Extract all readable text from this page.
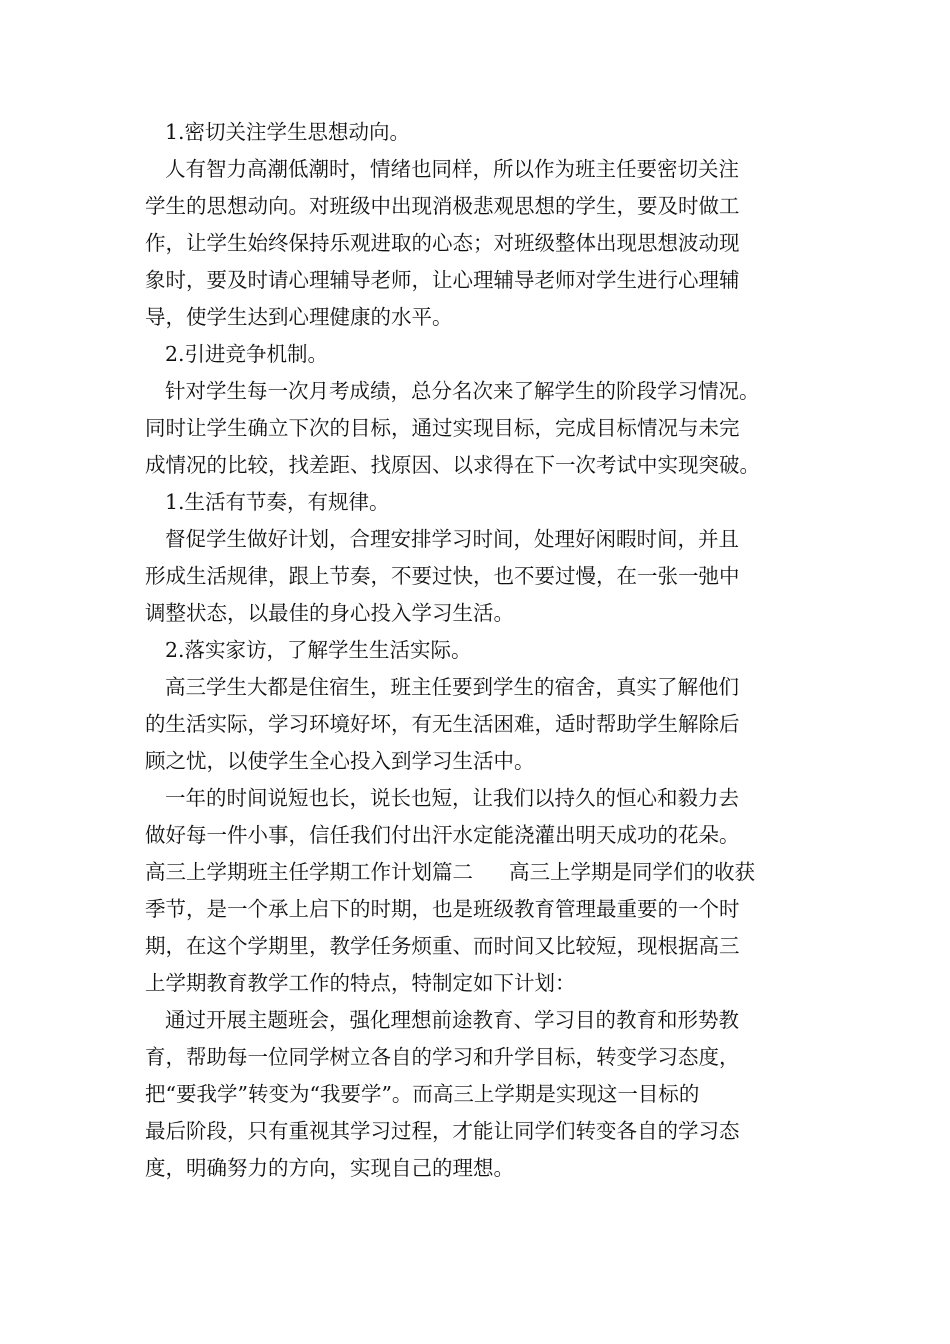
1.密切关注学生思想动向。
人有智力高潮低潮时，情绪也同样，所以作为班主任要密切关注
学生的思想动向。对班级中出现消极悲观思想的学生，要及时做工
作，让学生始终保持乐观进取的心态；对班级整体出现思想波动现
象时，要及时请心理辅导老师，让心理辅导老师对学生进行心理辅
导，使学生达到心理健康的水平。
2.引进竞争机制。
针对学生每一次月考成绩，总分名次来了解学生的阶段学习情况。
同时让学生确立下次的目标，通过实现目标，完成目标情况与未完
成情况的比较，找差距、找原因、以求得在下一次考试中实现突破。
1.生活有节奏，有规律。
督促学生做好计划，合理安排学习时间，处理好闲暇时间，并且
形成生活规律，跟上节奏，不要过快，也不要过慢，在一张一弛中
调整状态，以最佳的身心投入学习生活。
2.落实家访，了解学生生活实际。
高三学生大都是住宿生，班主任要到学生的宿舍，真实了解他们
的生活实际，学习环境好坏，有无生活困难，适时帮助学生解除后
顾之忧，以使学生全心投入到学习生活中。
一年的时间说短也长，说长也短，让我们以持久的恒心和毅力去
做好每一件小事，信任我们付出汗水定能浇灌出明天成功的花朵。
高三上学期班主任学期工作计划篇二 高三上学期是同学们的收获
季节，是一个承上启下的时期，也是班级教育管理最重要的一个时
期，在这个学期里，教学任务烦重、而时间又比较短，现根据高三
上学期教育教学工作的特点，特制定如下计划：
通过开展主题班会，强化理想前途教育、学习目的教育和形势教
育，帮助每一位同学树立各自的学习和升学目标，转变学习态度，
把“要我学”转变为“我要学”。而高三上学期是实现这一目标的
最后阶段，只有重视其学习过程，才能让同学们转变各自的学习态
度，明确努力的方向，实现自己的理想。
